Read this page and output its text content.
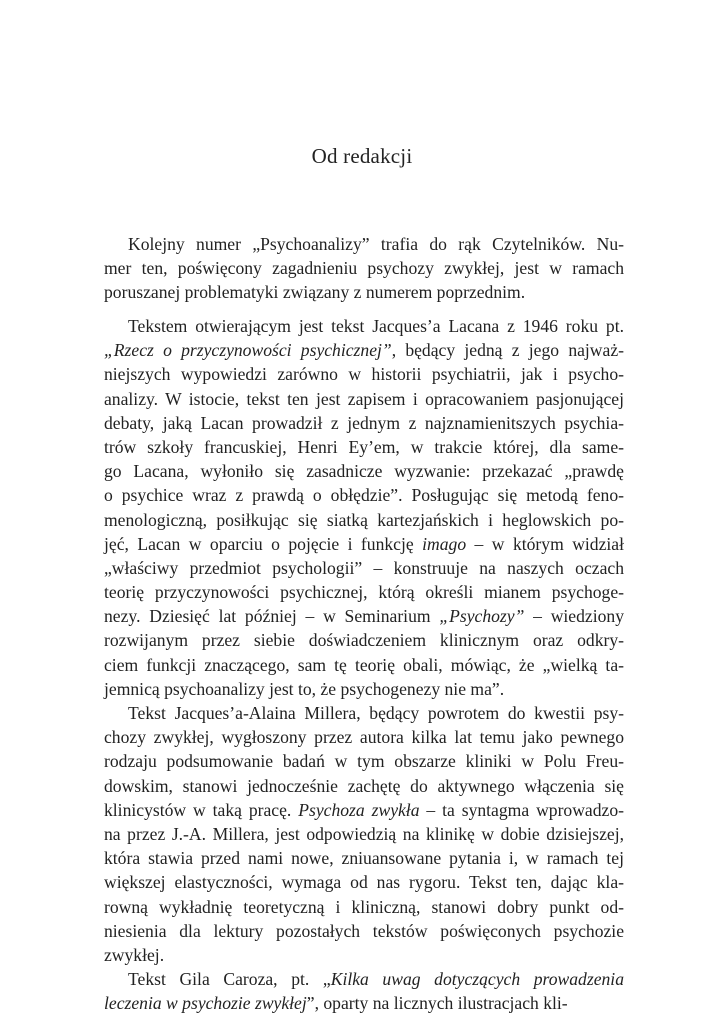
Od redakcji
Kolejny numer „Psychoanalizy” trafia do rąk Czytelników. Nu-
mer ten, poświęcony zagadnieniu psychozy zwykłej, jest w ramach
poruszanej problematyki związany z numerem poprzednim.
Tekstem otwierającym jest tekst Jacques’a Lacana z 1946 roku pt.
„Rzecz o przyczynowości psychicznej”, będący jedną z jego najważ-
niejszych wypowiedzi zarówno w historii psychiatrii, jak i psycho-
analizy. W istocie, tekst ten jest zapisem i opracowaniem pasjonującej
debaty, jaką Lacan prowadził z jednym z najznamienitszych psychia-
trów szkoły francuskiej, Henri Ey’em, w trakcie której, dla same-
go Lacana, wyłoniło się zasadnicze wyzwanie: przekazać „prawdę
o psychice wraz z prawdą o obłędzie”. Posługując się metodą feno-
menologiczną, posiłkując się siatką kartezjańskich i heglowskich po-
jęć, Lacan w oparciu o pojęcie i funkcję imago – w którym widział
„właściwy przedmiot psychologii” – konstruuje na naszych oczach
teorię przyczynowości psychicznej, którą określi mianem psychoge-
nezy. Dziesięć lat później – w Seminarium „Psychozy” – wiedziony
rozwijanym przez siebie doświadczeniem klinicznym oraz odkry-
ciem funkcji znaczącego, sam tę teorię obali, mówiąc, że „wielką ta-
jemnicą psychoanalizy jest to, że psychogenezy nie ma”.
Tekst Jacques’a-Alaina Millera, będący powrotem do kwestii psy-
chozy zwykłej, wygłoszony przez autora kilka lat temu jako pewnego
rodzaju podsumowanie badań w tym obszarze kliniki w Polu Freu-
dowskim, stanowi jednocześnie zachętę do aktywnego włączenia się
klinicystów w taką pracę. Psychoza zwykła – ta syntagma wprowadzo-
na przez J.-A. Millera, jest odpowiedzią na klinikę w dobie dzisiejszej,
która stawia przed nami nowe, zniuansowane pytania i, w ramach tej
większej elastyczności, wymaga od nas rygoru. Tekst ten, dając kla-
rowną wykładnię teoretyczną i kliniczną, stanowi dobry punkt od-
niesienia dla lektury pozostałych tekstów poświęconych psychozie
zwykłej.
Tekst Gila Caroza, pt. „Kilka uwag dotyczących prowadzenia
leczenia w psychozie zwykłej”, oparty na licznych ilustracjach kli-
